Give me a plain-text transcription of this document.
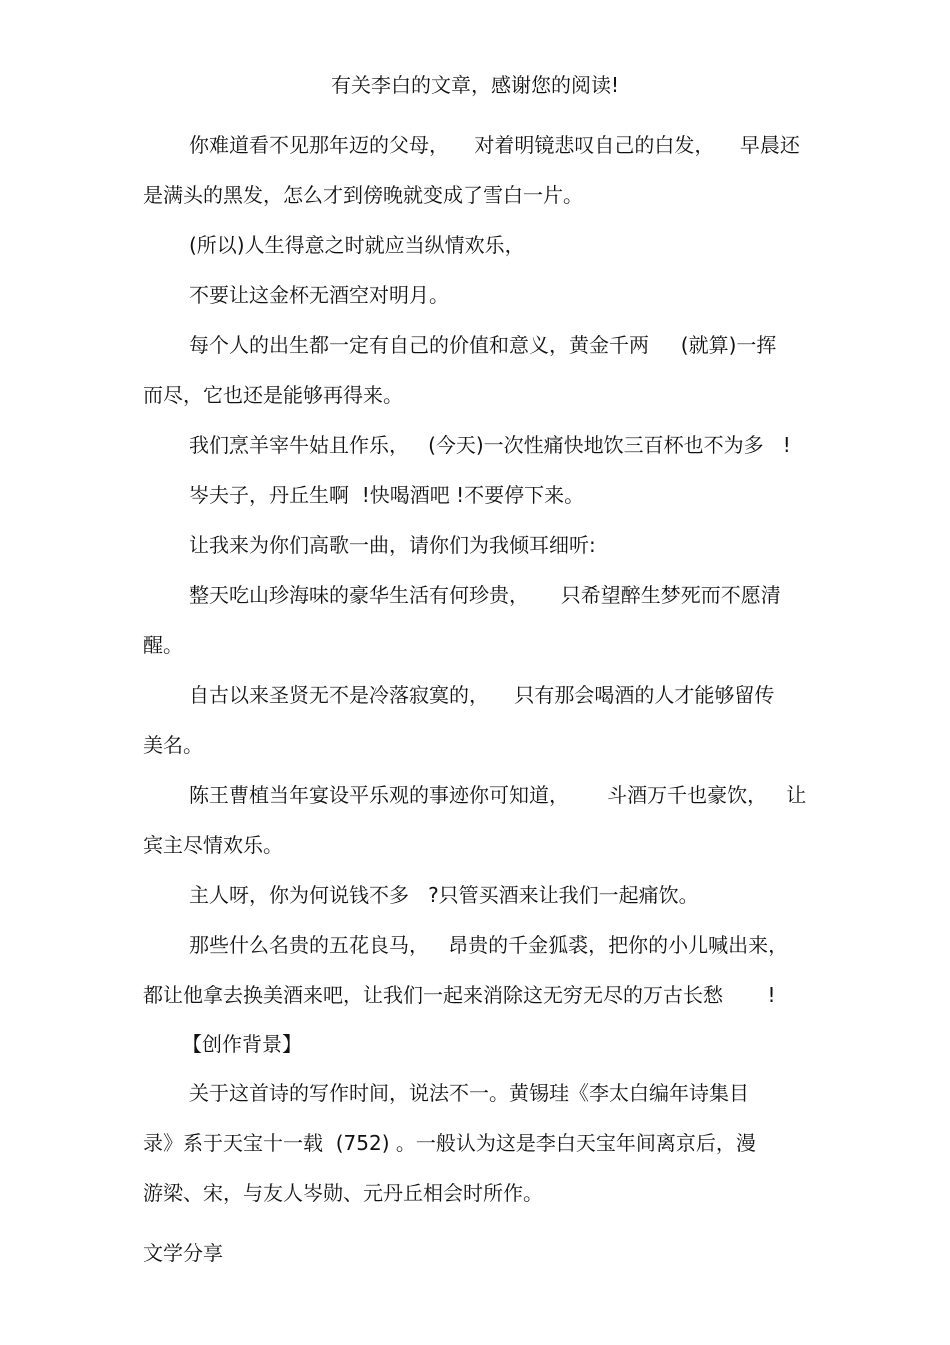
有关李白的文章，感谢您的阅读!
你难道看不见那年迈的父母，    对着明镜悲叹自己的白发，    早晨还
是满头的黑发，怎么才到傍晚就变成了雪白一片。
(所以)人生得意之时就应当纵情欢乐，
不要让这金杯无酒空对明月。
每个人的出生都一定有自己的价值和意义，黄金千两     (就算)一挥
而尽，它也还是能够再得来。
我们烹羊宰牛姑且作乐，   (今天)一次性痛快地饮三百杯也不为多   !
岑夫子，丹丘生啊  !快喝酒吧 !不要停下来。
让我来为你们高歌一曲，请你们为我倾耳细听:
整天吃山珍海味的豪华生活有何珍贵，     只希望醉生梦死而不愿清
醒。
自古以来圣贤无不是冷落寂寞的，    只有那会喝酒的人才能够留传
美名。
陈王曹植当年宴设平乐观的事迹你可知道，      斗酒万千也豪饮，   让
宾主尽情欢乐。
主人呀，你为何说钱不多   ?只管买酒来让我们一起痛饮。
那些什么名贵的五花良马，   昂贵的千金狐裘，把你的小儿喊出来，
都让他拿去换美酒来吧，让我们一起来消除这无穷无尽的万古长愁       !
【创作背景】
关于这首诗的写作时间，说法不一。黄锡珪《李太白编年诗集目
录》系于天宝十一载  (752) 。一般认为这是李白天宝年间离京后，漫
游梁、宋，与友人岑勋、元丹丘相会时所作。
文学分享
